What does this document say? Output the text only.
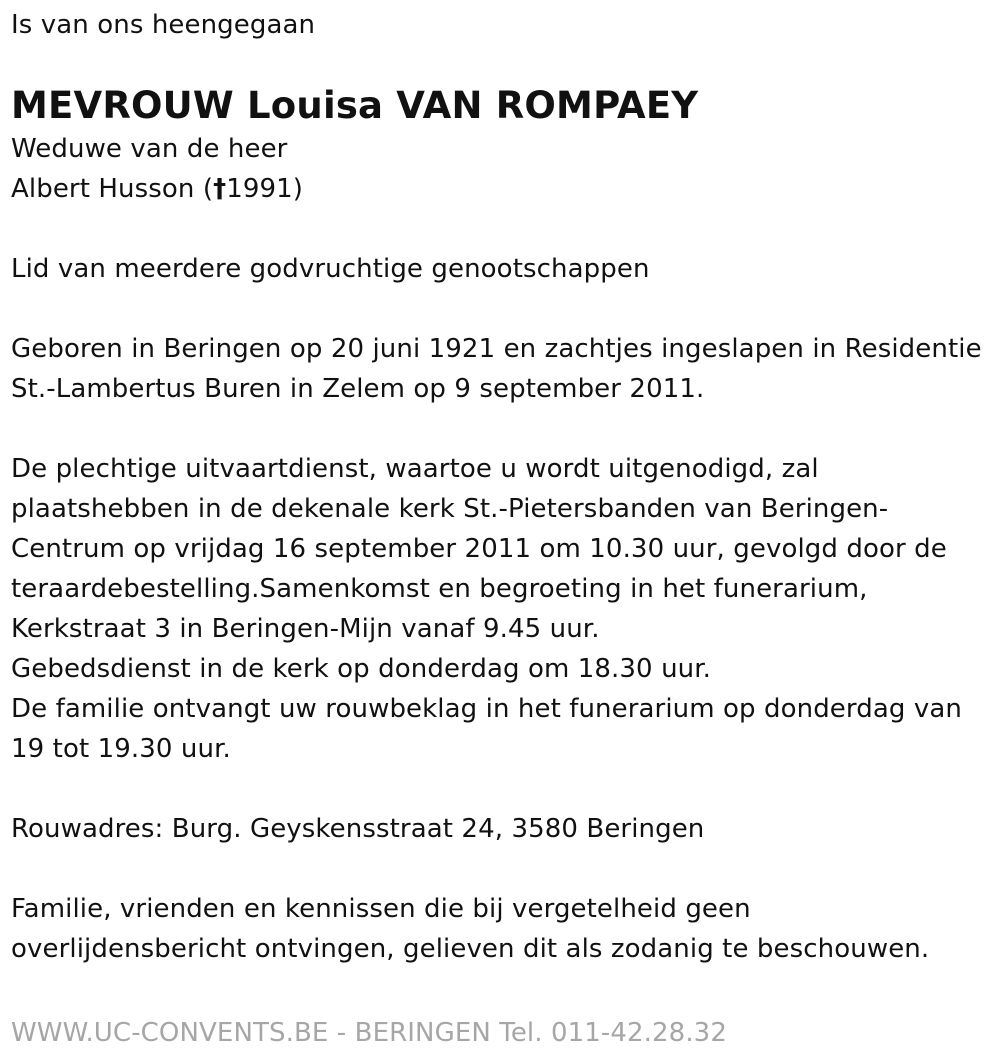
Is van ons heengegaan
MEVROUW Louisa VAN ROMPAEY
Weduwe van de heer
Albert Husson (†1991)
Lid van meerdere godvruchtige genootschappen
Geboren in Beringen op 20 juni 1921 en zachtjes ingeslapen in Residentie
St.-Lambertus Buren in Zelem op 9 september 2011.
De plechtige uitvaartdienst, waartoe u wordt uitgenodigd, zal
plaatshebben in de dekenale kerk St.-Pietersbanden van Beringen-
Centrum op vrijdag 16 september 2011 om 10.30 uur, gevolgd door de
teraardebestelling.Samenkomst en begroeting in het funerarium,
Kerkstraat 3 in Beringen-Mijn vanaf 9.45 uur.
Gebedsdienst in de kerk op donderdag om 18.30 uur.
De familie ontvangt uw rouwbeklag in het funerarium op donderdag van
19 tot 19.30 uur.
Rouwadres: Burg. Geyskensstraat 24, 3580 Beringen
Familie, vrienden en kennissen die bij vergetelheid geen
overlijdensbericht ontvingen, gelieven dit als zodanig te beschouwen.
WWW.UC-CONVENTS.BE - BERINGEN Tel. 011-42.28.32
